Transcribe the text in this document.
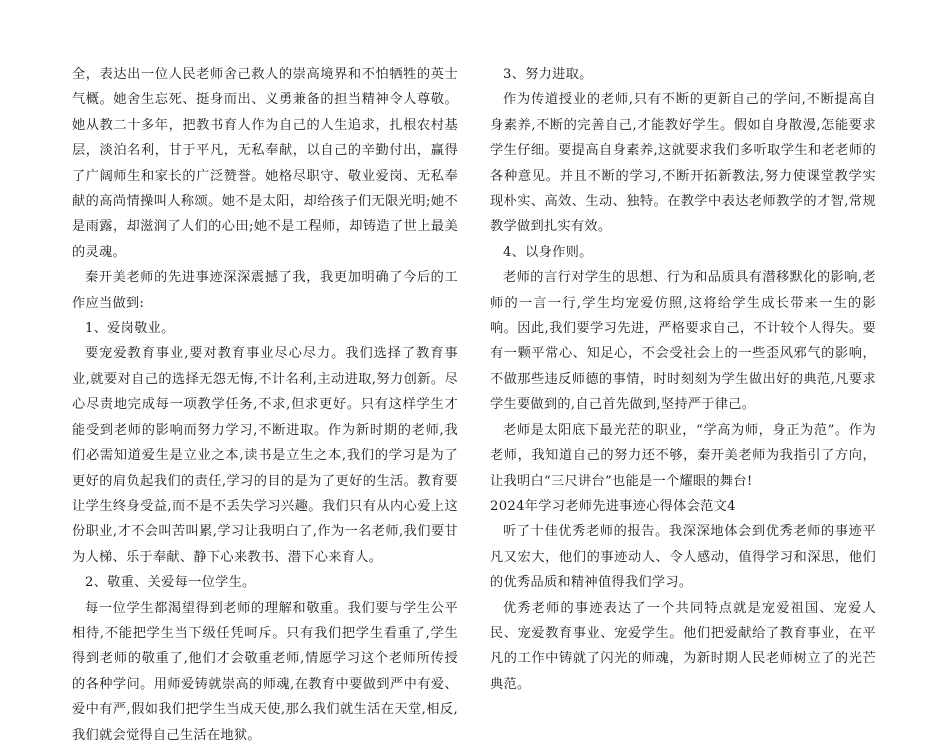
全，表达出一位人民老师舍己救人的崇高境界和不怕牺牲的英士气概。她舍生忘死、挺身而出、义勇兼备的担当精神令人尊敬。她从教二十多年，把教书育人作为自己的人生追求，扎根农村基层，淡泊名利，甘于平凡，无私奉献，以自己的辛勤付出，赢得了广阔师生和家长的广泛赞誉。她格尽职守、敬业爱岗、无私奉献的高尚情操叫人称颂。她不是太阳，却给孩子们无限光明;她不是雨露，却滋润了人们的心田;她不是工程师，却铸造了世上最美的灵魂。

秦开美老师的先进事迹深深震撼了我，我更加明确了今后的工作应当做到:

1、爱岗敬业。

要宠爱教育事业,要对教育事业尽心尽力。我们选择了教育事业,就要对自己的选择无怨无悔,不计名利,主动进取,努力创新。尽心尽责地完成每一项教学任务,不求,但求更好。只有这样学生才能受到老师的影响而努力学习,不断进取。作为新时期的老师,我们必需知道爱生是立业之本,读书是立生之本,我们的学习是为了更好的肩负起我们的责任,学习的目的是为了更好的生活。教育要让学生终身受益,而不是不丢失学习兴趣。我们只有从内心爱上这份职业,才不会叫苦叫累,学习让我明白了,作为一名老师,我们要甘为人梯、乐于奉献、静下心来教书、潜下心来育人。

2、敬重、关爱每一位学生。

每一位学生都渴望得到老师的理解和敬重。我们要与学生公平相待,不能把学生当下级任凭呵斥。只有我们把学生看重了,学生得到老师的敬重了,他们才会敬重老师,情愿学习这个老师所传授的各种学问。用师爱铸就崇高的师魂,在教育中要做到严中有爱、爱中有严,假如我们把学生当成天使,那么我们就生活在天堂,相反,我们就会觉得自己生活在地狱。

3、努力进取。

作为传道授业的老师,只有不断的更新自己的学问,不断提高自身素养,不断的完善自己,才能教好学生。假如自身散漫,怎能要求学生仔细。要提高自身素养,这就要求我们多听取学生和老老师的各种意见。并且不断的学习,不断开拓新教法,努力使课堂教学实现朴实、高效、生动、独特。在教学中表达老师教学的才智,常规教学做到扎实有效。

4、以身作则。

老师的言行对学生的思想、行为和品质具有潜移默化的影响,老师的一言一行,学生均宠爱仿照,这将给学生成长带来一生的影响。因此,我们要学习先进，严格要求自己，不计较个人得失。要有一颗平常心、知足心，不会受社会上的一些歪风邪气的影响，不做那些违反师德的事情，时时刻刻为学生做出好的典范,凡要求学生要做到的,自己首先做到,坚持严于律己。

老师是太阳底下最光茫的职业，“学高为师，身正为范”。作为老师，我知道自己的努力还不够，秦开美老师为我指引了方向，让我明白“三尺讲台”也能是一个耀眼的舞台!

2024年学习老师先进事迹心得体会范文4

听了十佳优秀老师的报告。我深深地体会到优秀老师的事迹平凡又宏大，他们的事迹动人、令人感动，值得学习和深思，他们的优秀品质和精神值得我们学习。

优秀老师的事迹表达了一个共同特点就是宠爱祖国、宠爱人民、宠爱教育事业、宠爱学生。他们把爱献给了教育事业，在平凡的工作中铸就了闪光的师魂，为新时期人民老师树立了的光芒典范。
